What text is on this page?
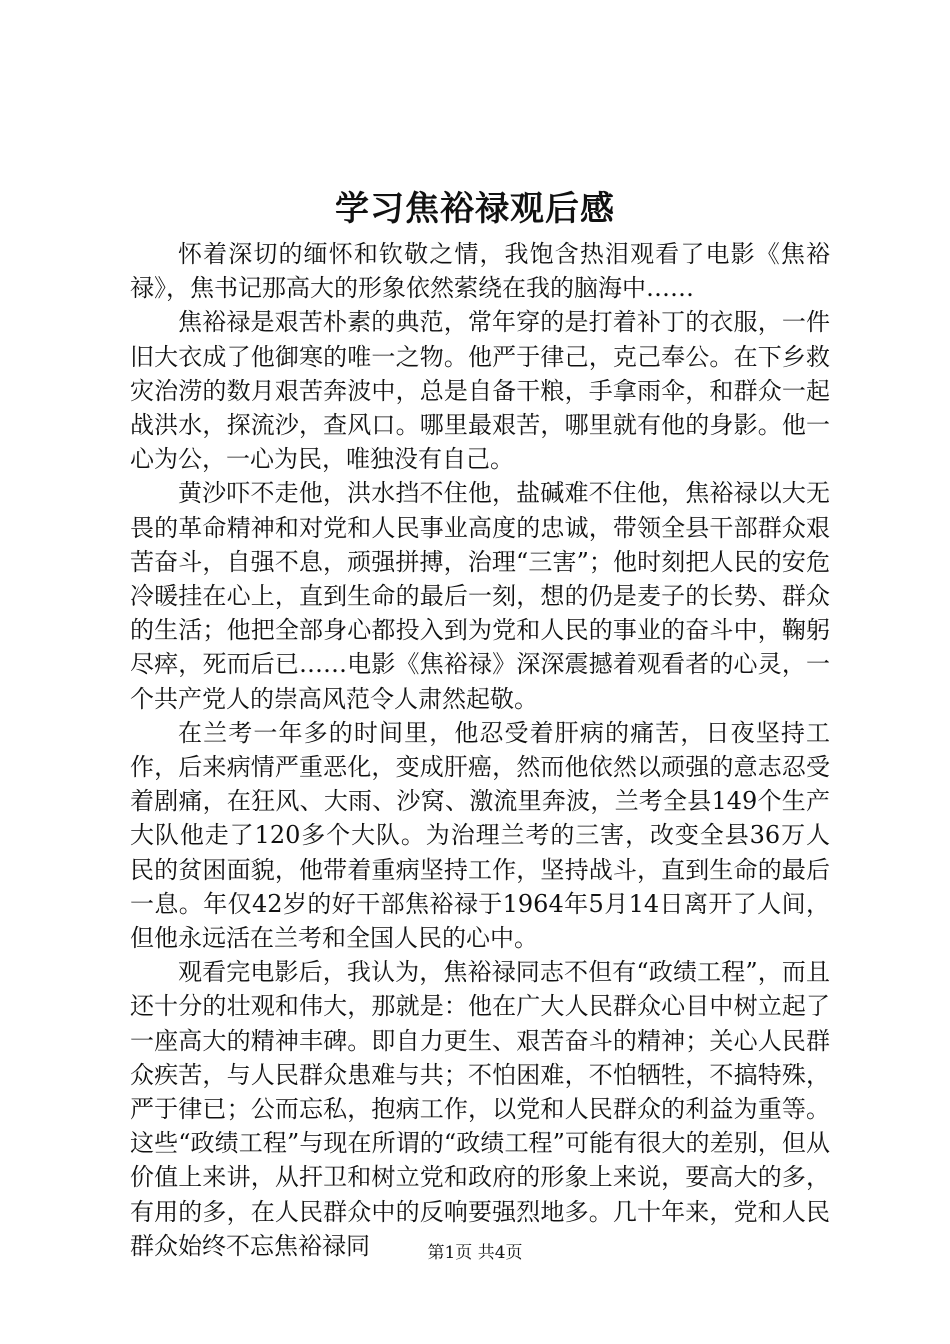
学习焦裕禄观后感

怀着深切的缅怀和钦敬之情，我饱含热泪观看了电影《焦裕禄》，焦书记那高大的形象依然萦绕在我的脑海中……

焦裕禄是艰苦朴素的典范，常年穿的是打着补丁的衣服，一件旧大衣成了他御寒的唯一之物。他严于律己，克己奉公。在下乡救灾治涝的数月艰苦奔波中，总是自备干粮，手拿雨伞，和群众一起战洪水，探流沙，查风口。哪里最艰苦，哪里就有他的身影。他一心为公，一心为民，唯独没有自己。

黄沙吓不走他，洪水挡不住他，盐碱难不住他，焦裕禄以大无畏的革命精神和对党和人民事业高度的忠诚，带领全县干部群众艰苦奋斗，自强不息，顽强拼搏，治理“三害”；他时刻把人民的安危冷暖挂在心上，直到生命的最后一刻，想的仍是麦子的长势、群众的生活；他把全部身心都投入到为党和人民的事业的奋斗中，鞠躬尽瘁，死而后已……电影《焦裕禄》深深震撼着观看者的心灵，一个共产党人的崇高风范令人肃然起敬。

在兰考一年多的时间里，他忍受着肝病的痛苦，日夜坚持工作，后来病情严重恶化，变成肝癌，然而他依然以顽强的意志忍受着剧痛，在狂风、大雨、沙窝、激流里奔波，兰考全县149个生产大队他走了120多个大队。为治理兰考的三害，改变全县36万人民的贫困面貌，他带着重病坚持工作，坚持战斗，直到生命的最后一息。年仅42岁的好干部焦裕禄于1964年5月14日离开了人间，但他永远活在兰考和全国人民的心中。

观看完电影后，我认为，焦裕禄同志不但有“政绩工程”，而且还十分的壮观和伟大，那就是：他在广大人民群众心目中树立起了一座高大的精神丰碑。即自力更生、艰苦奋斗的精神；关心人民群众疾苦，与人民群众患难与共；不怕困难，不怕牺牲，不搞特殊，严于律已；公而忘私，抱病工作，以党和人民群众的利益为重等。这些“政绩工程”与现在所谓的“政绩工程”可能有很大的差别，但从价值上来讲，从扞卫和树立党和政府的形象上来说，要高大的多，有用的多，在人民群众中的反响要强烈地多。几十年来，党和人民群众始终不忘焦裕禄同	第1页 共4页
